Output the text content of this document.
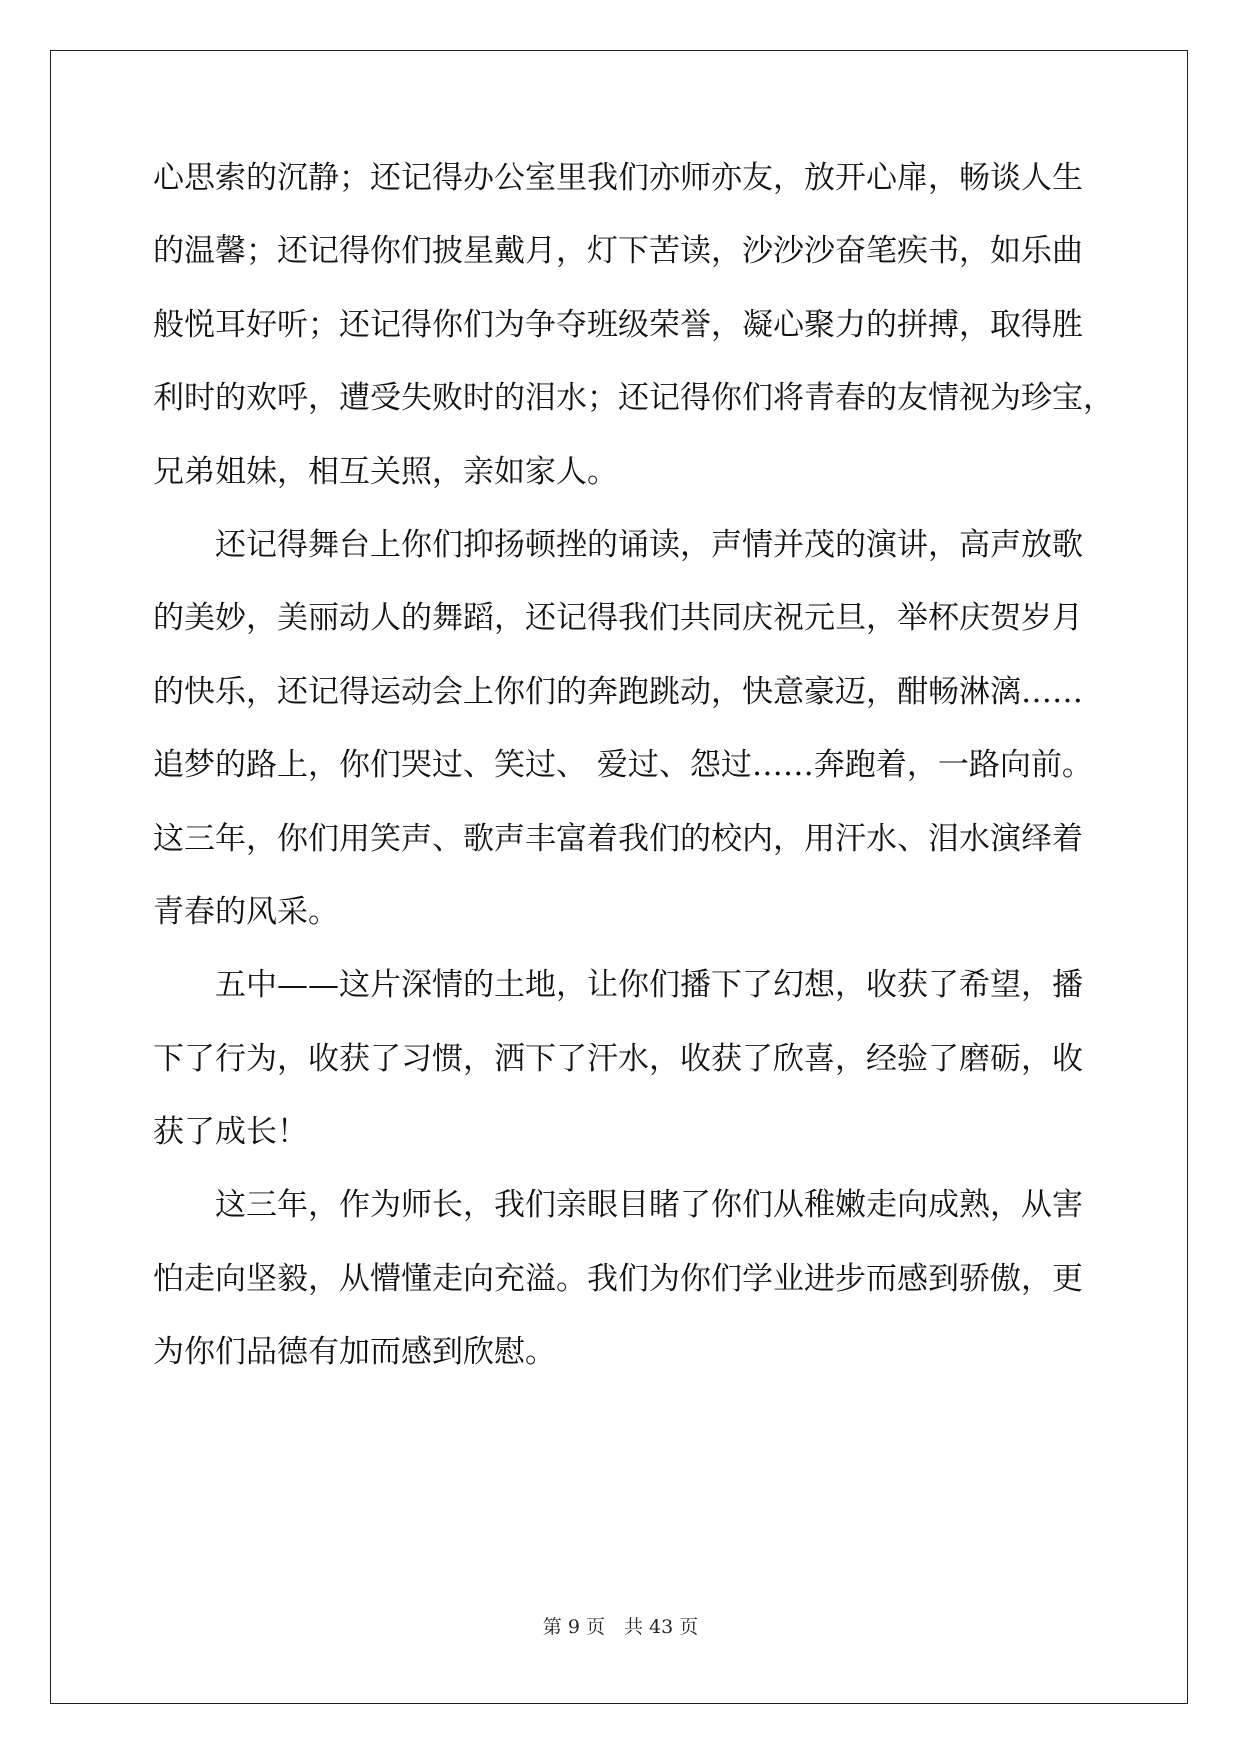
心思索的沉静；还记得办公室里我们亦师亦友，放开心扉，畅谈人生
的温馨；还记得你们披星戴月，灯下苦读，沙沙沙奋笔疾书，如乐曲
般悦耳好听；还记得你们为争夺班级荣誉，凝心聚力的拼搏，取得胜
利时的欢呼，遭受失败时的泪水；还记得你们将青春的友情视为珍宝，
兄弟姐妹，相互关照，亲如家人。
　　还记得舞台上你们抑扬顿挫的诵读，声情并茂的演讲，高声放歌
的美妙，美丽动人的舞蹈，还记得我们共同庆祝元旦，举杯庆贺岁月
的快乐，还记得运动会上你们的奔跑跳动，快意豪迈，酣畅淋漓……
追梦的路上，你们哭过、笑过、 爱过、怨过……奔跑着，一路向前。
这三年，你们用笑声、歌声丰富着我们的校内，用汗水、泪水演绎着
青春的风采。
　　五中——这片深情的土地，让你们播下了幻想，收获了希望，播
下了行为，收获了习惯，洒下了汗水，收获了欣喜，经验了磨砺，收
获了成长！
　　这三年，作为师长，我们亲眼目睹了你们从稚嫩走向成熟，从害
怕走向坚毅，从懵懂走向充溢。我们为你们学业进步而感到骄傲，更
为你们品德有加而感到欣慰。
第 9 页　共 43 页
